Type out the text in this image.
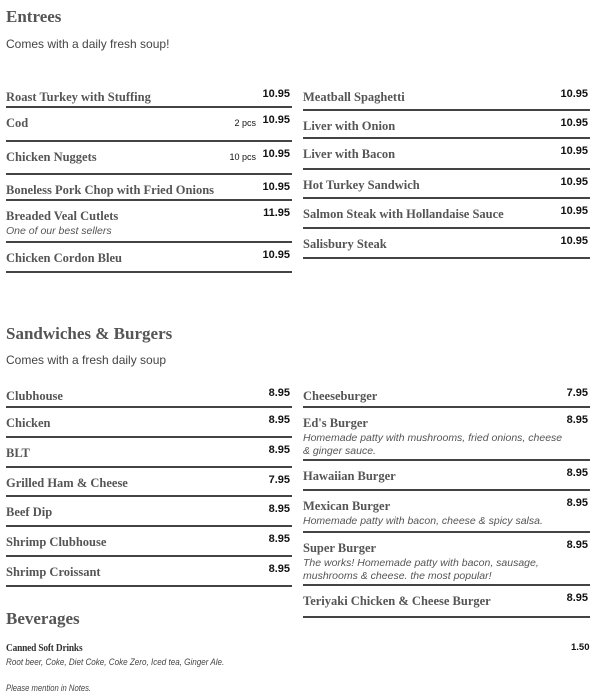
Entrees
Comes with a daily fresh soup!
Roast Turkey with Stuffing	10.95
Cod	10.95
2 pcs
Chicken Nuggets	10.95
10 pcs
Boneless Pork Chop with Fried Onions	10.95
Breaded Veal Cutlets	11.95
One of our best sellers
Chicken Cordon Bleu	10.95
Meatball Spaghetti	10.95
Liver with Onion	10.95
Liver with Bacon	10.95
Hot Turkey Sandwich	10.95
Salmon Steak with Hollandaise Sauce	10.95
Salisbury Steak	10.95
Sandwiches & Burgers
Comes with a fresh daily soup
Clubhouse	8.95
Chicken	8.95
BLT	8.95
Grilled Ham & Cheese	7.95
Beef Dip	8.95
Shrimp Clubhouse	8.95
Shrimp Croissant	8.95
Cheeseburger	7.95
Ed's Burger	8.95
Homemade patty with mushrooms, fried onions, cheese & ginger sauce.
Hawaiian Burger	8.95
Mexican Burger	8.95
Homemade patty with bacon, cheese & spicy salsa.
Super Burger	8.95
The works! Homemade patty with bacon, sausage, mushrooms & cheese. the most popular!
Teriyaki Chicken & Cheese Burger	8.95
Beverages
Canned Soft Drinks
Root beer, Coke, Diet Coke, Coke Zero, Iced tea, Ginger Ale.
1.50
Please mention in Notes.
